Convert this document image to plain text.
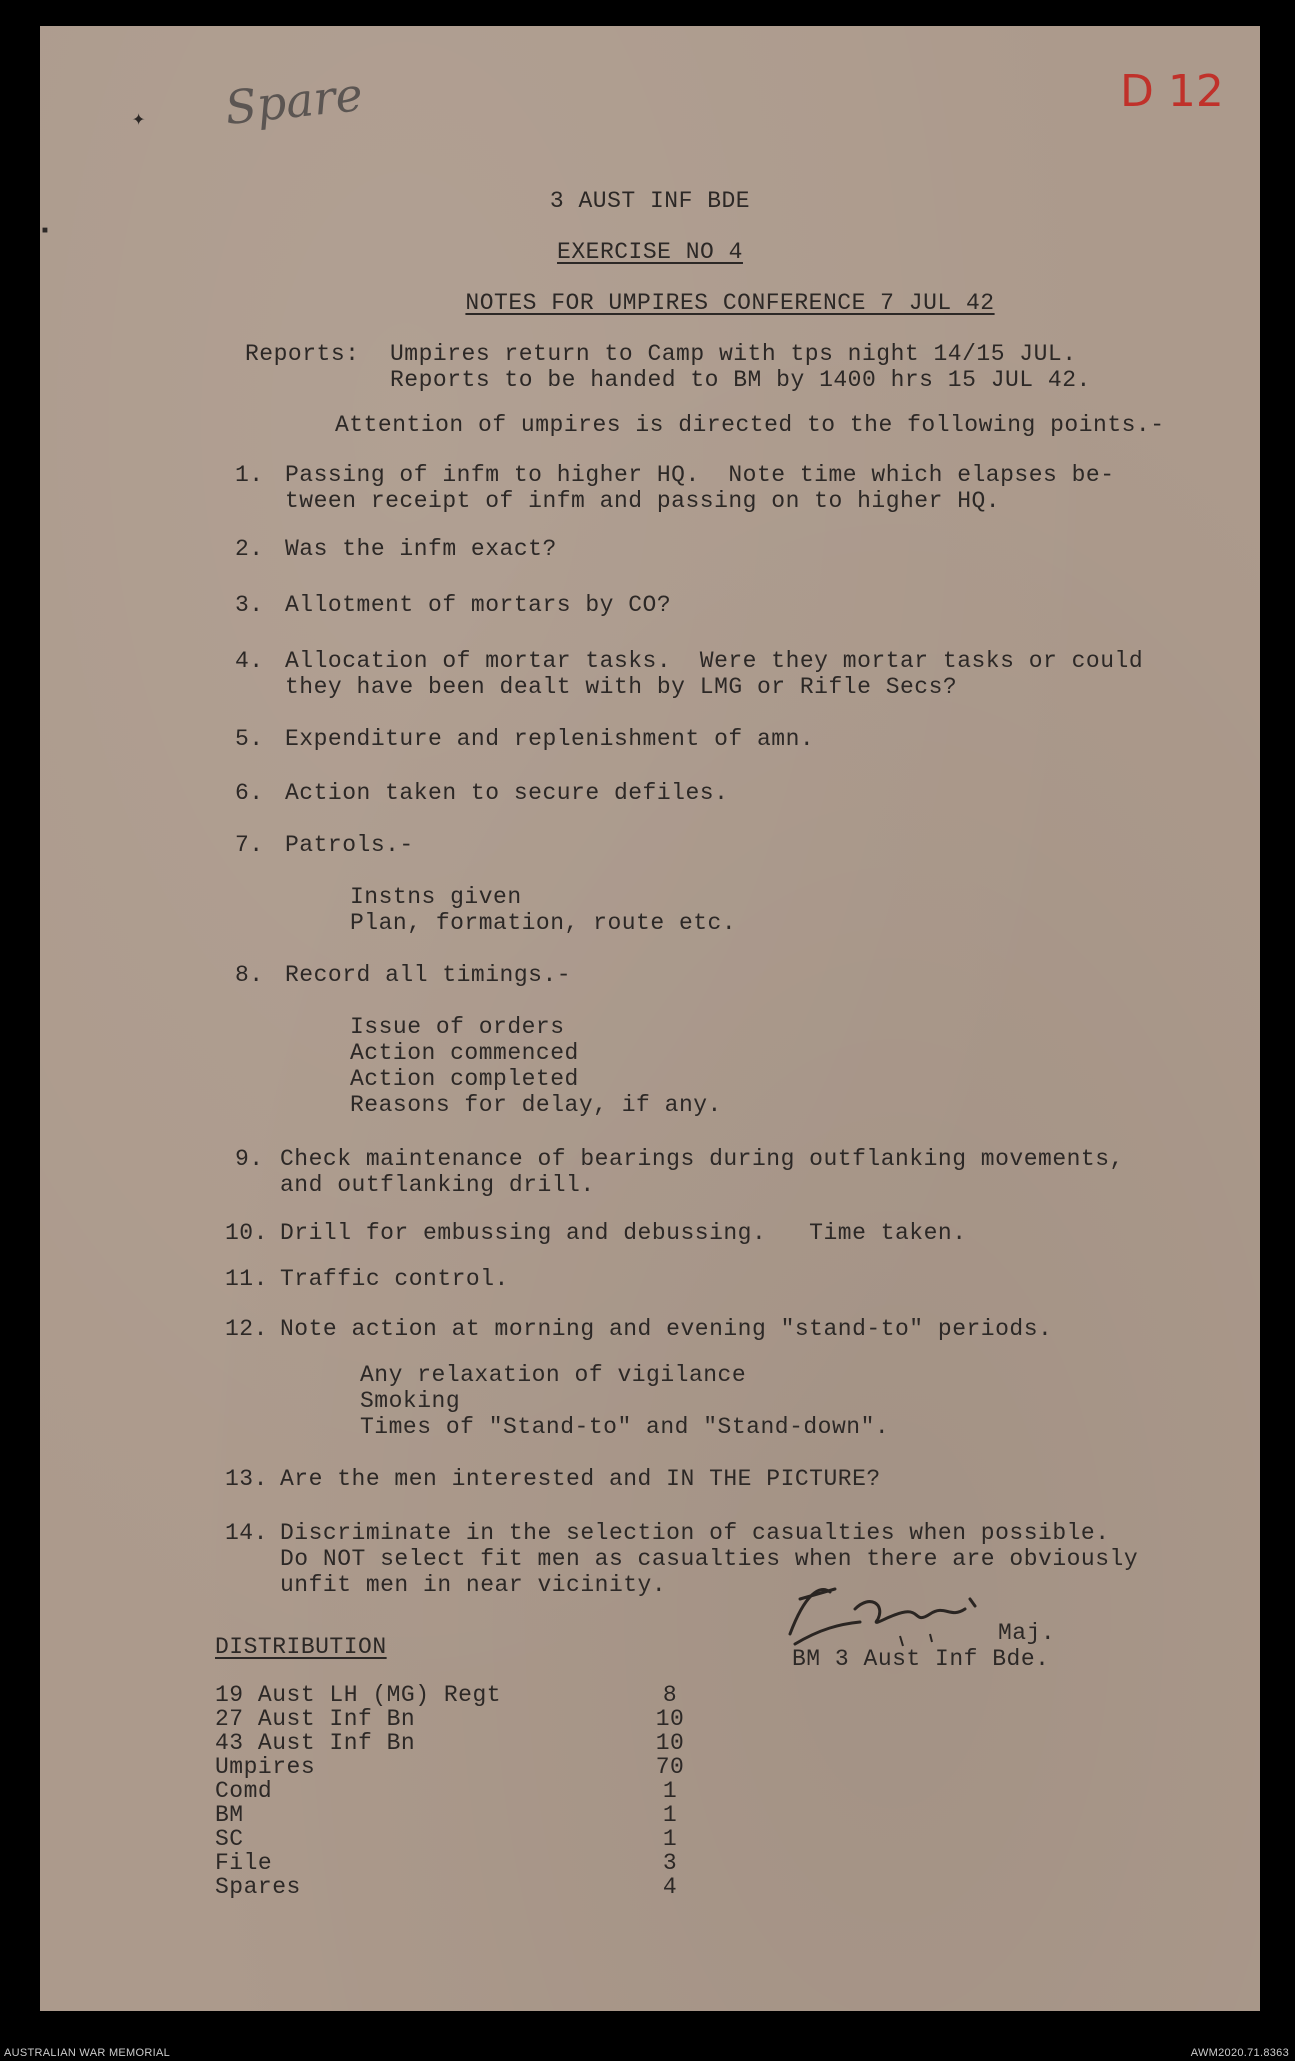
Spare	D 12
✦
■
3 AUST INF BDE
EXERCISE NO 4
NOTES FOR UMPIRES CONFERENCE 7 JUL 42
Reports: Umpires return to Camp with tps night 14/15 JUL.
Reports to be handed to BM by 1400 hrs 15 JUL 42.
Attention of umpires is directed to the following points.-
1. Passing of infm to higher HQ.  Note time which elapses be-
tween receipt of infm and passing on to higher HQ.
2. Was the infm exact?
3. Allotment of mortars by CO?
4. Allocation of mortar tasks.  Were they mortar tasks or could
they have been dealt with by LMG or Rifle Secs?
5. Expenditure and replenishment of amn.
6. Action taken to secure defiles.
7. Patrols.-
Instns given
Plan, formation, route etc.
8. Record all timings.-
Issue of orders
Action commenced
Action completed
Reasons for delay, if any.
9. Check maintenance of bearings during outflanking movements,
and outflanking drill.
10. Drill for embussing and debussing.   Time taken.
11. Traffic control.
12. Note action at morning and evening "stand-to" periods.
Any relaxation of vigilance
Smoking
Times of "Stand-to" and "Stand-down".
13. Are the men interested and IN THE PICTURE?
14. Discriminate in the selection of casualties when possible.
Do NOT select fit men as casualties when there are obviously
unfit men in near vicinity.
Maj.
BM 3 Aust Inf Bde.
DISTRIBUTION
19 Aust LH (MG) Regt	8
27 Aust Inf Bn	10
43 Aust Inf Bn	10
Umpires	70
Comd	1
BM	1
SC	1
File	3
Spares	4
AUSTRALIAN WAR MEMORIAL	AWM2020.71.8363
